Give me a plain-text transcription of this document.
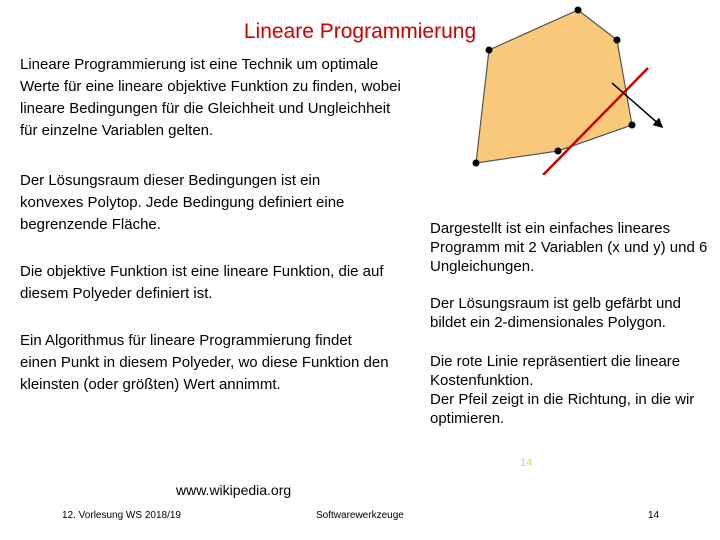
Lineare Programmierung

Lineare Programmierung ist eine Technik um optimale Werte für eine lineare objektive Funktion zu finden, wobei lineare Bedingungen für die Gleichheit und Ungleichheit für einzelne Variablen gelten.

Der Lösungsraum dieser Bedingungen ist ein konvexes Polytop. Jede Bedingung definiert eine begrenzende Fläche.

Die objektive Funktion ist eine lineare Funktion, die auf diesem Polyeder definiert ist.

Ein Algorithmus für lineare Programmierung findet einen Punkt in diesem Polyeder, wo diese Funktion den kleinsten (oder größten) Wert annimmt.

Dargestellt ist ein einfaches lineares Programm mit 2 Variablen (x und y) und 6 Ungleichungen.

Der Lösungsraum ist gelb gefärbt und bildet ein 2-dimensionales Polygon.

Die rote Linie repräsentiert die lineare Kostenfunktion.
Der Pfeil zeigt in die Richtung, in die wir optimieren.
14
www.wikipedia.org
12. Vorlesung WS 2018/19	Softwarewerkzeuge	14
